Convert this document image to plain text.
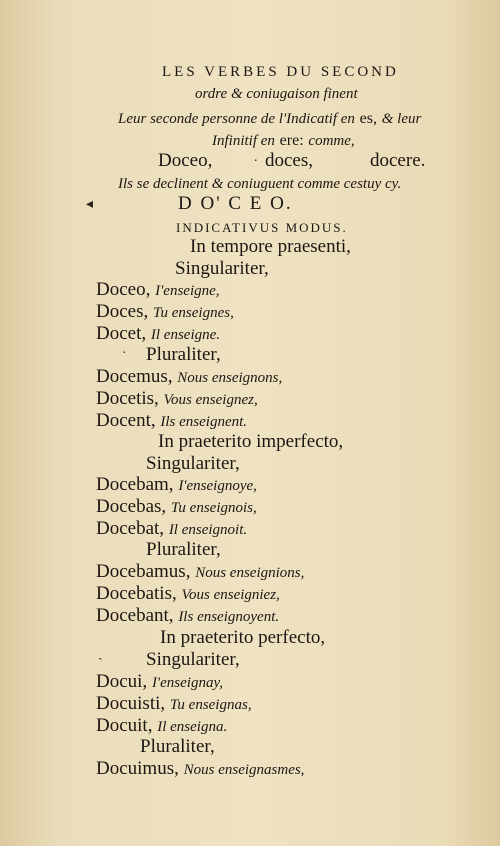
LES VERBES DU SECOND
ordre & coniugaison finent
Leur seconde personne de l'Indicatif en es, & leur
Infinitif en ere: comme,
Doceo,	. doces,	docere.
Ils se declinent & coniuguent comme cestuy cy.
◂	D O' C E O.
INDICATIVUS MODUS.
In tempore praesenti,
Singulariter,
Doceo, I'enseigne,
Doces, Tu enseignes,
Docet, Il enseigne.
· Pluraliter,
Docemus, Nous enseignons,
Docetis, Vous enseignez,
Docent, Ils enseignent.
In praeterito imperfecto,
Singulariter,
Docebam, I'enseignoye,
Docebas, Tu enseignois,
Docebat, Il enseignoit.
Pluraliter,
Docebamus, Nous enseignions,
Docebatis, Vous enseigniez,
Docebant, Ils enseignoyent.
In praeterito perfecto,
ˎ Singulariter,
Docui, I'enseignay,
Docuisti, Tu enseignas,
Docuit, Il enseigna.
Pluraliter,
Docuimus, Nous enseignasmes,
